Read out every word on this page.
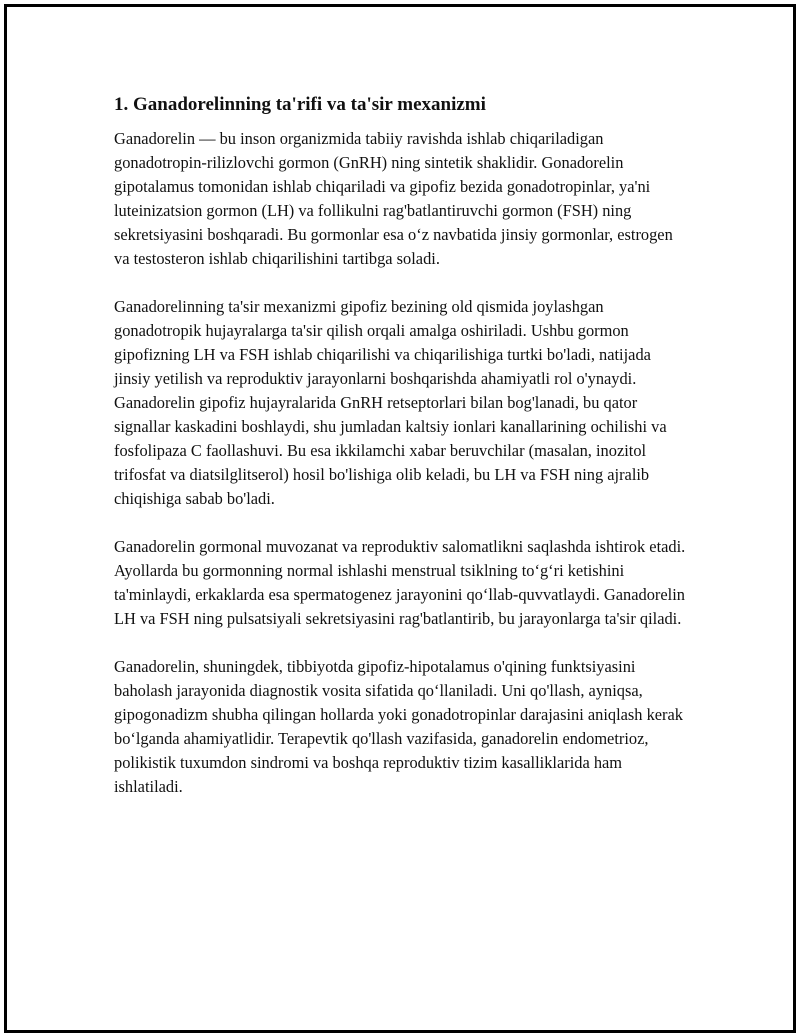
1. Ganadorelinning ta'rifi va ta'sir mexanizmi

Ganadorelin — bu inson organizmida tabiiy ravishda ishlab chiqariladigan gonadotropin-rilizlovchi gormon (GnRH) ning sintetik shaklidir. Gonadorelin gipotalamus tomonidan ishlab chiqariladi va gipofiz bezida gonadotropinlar, ya'ni luteinizatsion gormon (LH) va follikulni rag'batlantiruvchi gormon (FSH) ning sekretsiyasini boshqaradi. Bu gormonlar esa o‘z navbatida jinsiy gormonlar, estrogen va testosteron ishlab chiqarilishini tartibga soladi.

Ganadorelinning ta'sir mexanizmi gipofiz bezining old qismida joylashgan gonadotropik hujayralarga ta'sir qilish orqali amalga oshiriladi. Ushbu gormon gipofizning LH va FSH ishlab chiqarilishi va chiqarilishiga turtki bo'ladi, natijada jinsiy yetilish va reproduktiv jarayonlarni boshqarishda ahamiyatli rol o'ynaydi. Ganadorelin gipofiz hujayralarida GnRH retseptorlari bilan bog'lanadi, bu qator signallar kaskadini boshlaydi, shu jumladan kaltsiy ionlari kanallarining ochilishi va fosfolipaza C faollashuvi. Bu esa ikkilamchi xabar beruvchilar (masalan, inozitol trifosfat va diatsilglitserol) hosil bo'lishiga olib keladi, bu LH va FSH ning ajralib chiqishiga sabab bo'ladi.

Ganadorelin gormonal muvozanat va reproduktiv salomatlikni saqlashda ishtirok etadi. Ayollarda bu gormonning normal ishlashi menstrual tsiklning to‘g‘ri ketishini ta'minlaydi, erkaklarda esa spermatogenez jarayonini qo‘llab-quvvatlaydi. Ganadorelin LH va FSH ning pulsatsiyali sekretsiyasini rag'batlantirib, bu jarayonlarga ta'sir qiladi.

Ganadorelin, shuningdek, tibbiyotda gipofiz-hipotalamus o'qining funktsiyasini baholash jarayonida diagnostik vosita sifatida qo‘llaniladi. Uni qo'llash, ayniqsa, gipogonadizm shubha qilingan hollarda yoki gonadotropinlar darajasini aniqlash kerak bo‘lganda ahamiyatlidir. Terapevtik qo'llash vazifasida, ganadorelin endometrioz, polikistik tuxumdon sindromi va boshqa reproduktiv tizim kasalliklarida ham ishlatiladi.
